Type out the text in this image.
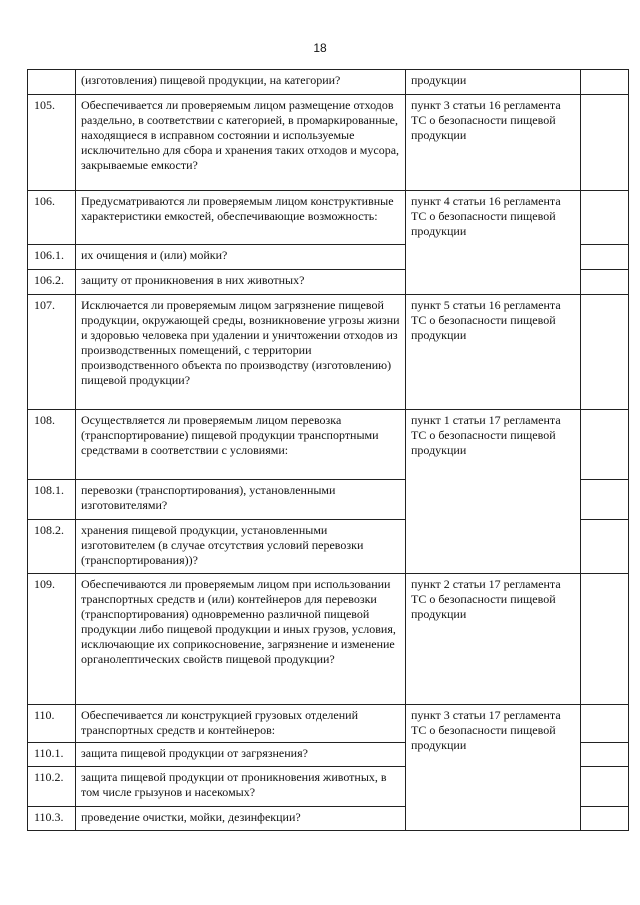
18
	(изготовления) пищевой продукции, на категории?	продукции	
105.	Обеспечивается ли проверяемым лицом размещение отходов раздельно, в соответствии с категорией, в промаркированные, находящиеся в исправном состоянии и используемые исключительно для сбора и хранения таких отходов и мусора, закрываемые емкости?	пункт 3 статьи 16 регламента ТС о безопасности пищевой продукции	
106.	Предусматриваются ли проверяемым лицом конструктивные характеристики емкостей, обеспечивающие возможность:	пункт 4 статьи 16 регламента ТС о безопасности пищевой продукции	
106.1.	их очищения и (или) мойки?		
106.2.	защиту от проникновения в них животных?		
107.	Исключается ли проверяемым лицом загрязнение пищевой продукции, окружающей среды, возникновение угрозы жизни и здоровью человека при удалении и уничтожении отходов из производственных помещений, с территории производственного объекта по производству (изготовлению) пищевой продукции?	пункт 5 статьи 16 регламента ТС о безопасности пищевой продукции	
108.	Осуществляется ли проверяемым лицом перевозка (транспортирование) пищевой продукции транспортными средствами в соответствии с условиями:	пункт 1 статьи 17 регламента ТС о безопасности пищевой продукции	
108.1.	перевозки (транспортирования), установленными изготовителями?		
108.2.	хранения пищевой продукции, установленными изготовителем (в случае отсутствия условий перевозки (транспортирования))?		
109.	Обеспечиваются ли проверяемым лицом при использовании транспортных средств и (или) контейнеров для перевозки (транспортирования) одновременно различной пищевой продукции либо пищевой продукции и иных грузов, условия, исключающие их соприкосновение, загрязнение и изменение органолептических свойств пищевой продукции?	пункт 2 статьи 17 регламента ТС о безопасности пищевой продукции	
110.	Обеспечивается ли конструкцией грузовых отделений транспортных средств и контейнеров:	пункт 3 статьи 17 регламента ТС о безопасности пищевой продукции	
110.1.	защита пищевой продукции от загрязнения?		
110.2.	защита пищевой продукции от проникновения животных, в том числе грызунов и насекомых?		
110.3.	проведение очистки, мойки, дезинфекции?		
